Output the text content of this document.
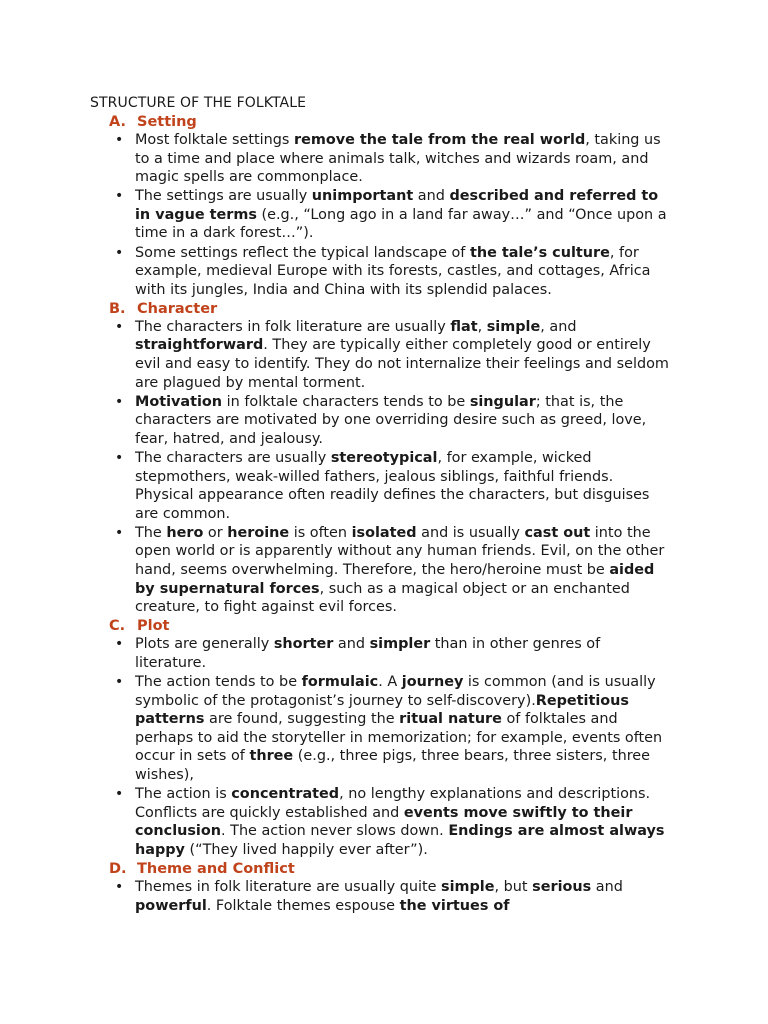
STRUCTURE OF THE FOLKTALE
A. Setting
• Most folktale settings remove the tale from the real world, taking us to a time and place where animals talk, witches and wizards roam, and magic spells are commonplace.
• The settings are usually unimportant and described and referred to in vague terms (e.g., “Long ago in a land far away…” and “Once upon a time in a dark forest…”).
• Some settings reflect the typical landscape of the tale’s culture, for example, medieval Europe with its forests, castles, and cottages, Africa with its jungles, India and China with its splendid palaces.
B. Character
• The characters in folk literature are usually flat, simple, and straightforward. They are typically either completely good or entirely evil and easy to identify. They do not internalize their feelings and seldom are plagued by mental torment.
• Motivation in folktale characters tends to be singular; that is, the characters are motivated by one overriding desire such as greed, love, fear, hatred, and jealousy.
• The characters are usually stereotypical, for example, wicked stepmothers, weak-willed fathers, jealous siblings, faithful friends. Physical appearance often readily defines the characters, but disguises are common.
• The hero or heroine is often isolated and is usually cast out into the open world or is apparently without any human friends. Evil, on the other hand, seems overwhelming. Therefore, the hero/heroine must be aided by supernatural forces, such as a magical object or an enchanted creature, to fight against evil forces.
C. Plot
• Plots are generally shorter and simpler than in other genres of literature.
• The action tends to be formulaic. A journey is common (and is usually symbolic of the protagonist’s journey to self-discovery).Repetitious patterns are found, suggesting the ritual nature of folktales and perhaps to aid the storyteller in memorization; for example, events often occur in sets of three (e.g., three pigs, three bears, three sisters, three wishes),
• The action is concentrated, no lengthy explanations and descriptions. Conflicts are quickly established and events move swiftly to their conclusion. The action never slows down. Endings are almost always happy (“They lived happily ever after”).
D. Theme and Conflict
• Themes in folk literature are usually quite simple, but serious and powerful. Folktale themes espouse the virtues of
